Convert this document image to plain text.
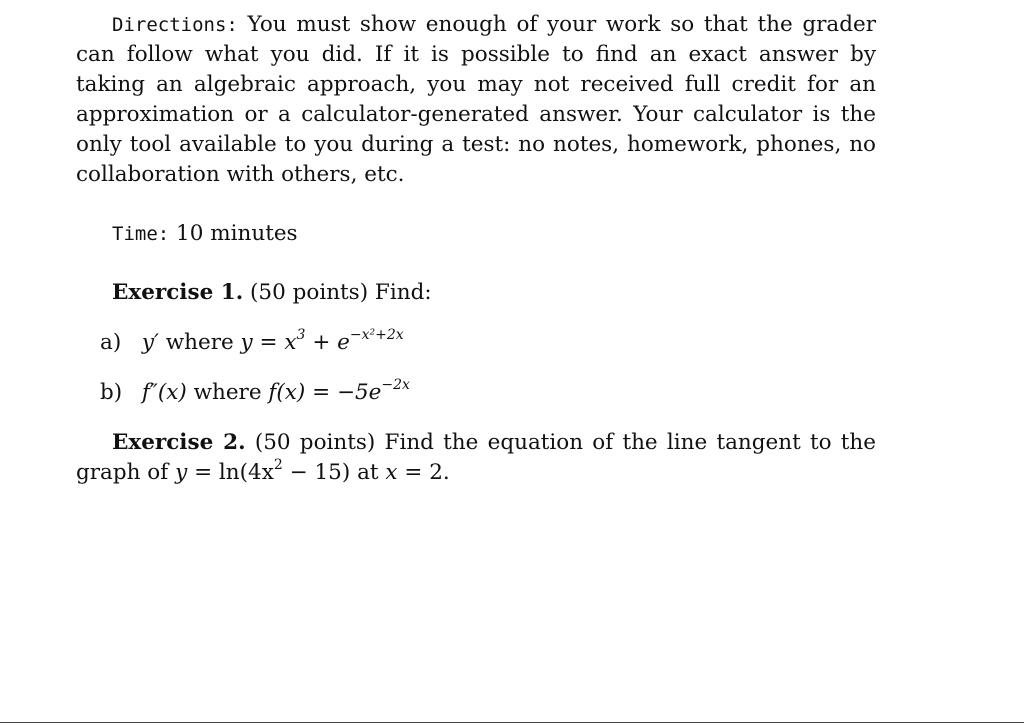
Directions: You must show enough of your work so that the grader can follow what you did. If it is possible to find an exact answer by taking an algebraic approach, you may not received full credit for an approximation or a calculator-generated answer. Your calculator is the only tool available to you during a test: no notes, homework, phones, no collaboration with others, etc.

Time: 10 minutes
Exercise 1. (50 points) Find:
a) y′ where $y = x^3 + e^{-x^2+2x}$
b) f″(x) where $f(x) = -5e^{-2x}$

Exercise 2. (50 points) Find the equation of the line tangent to the graph of $y = \ln(4x^2 - 15)$ at x = 2.
